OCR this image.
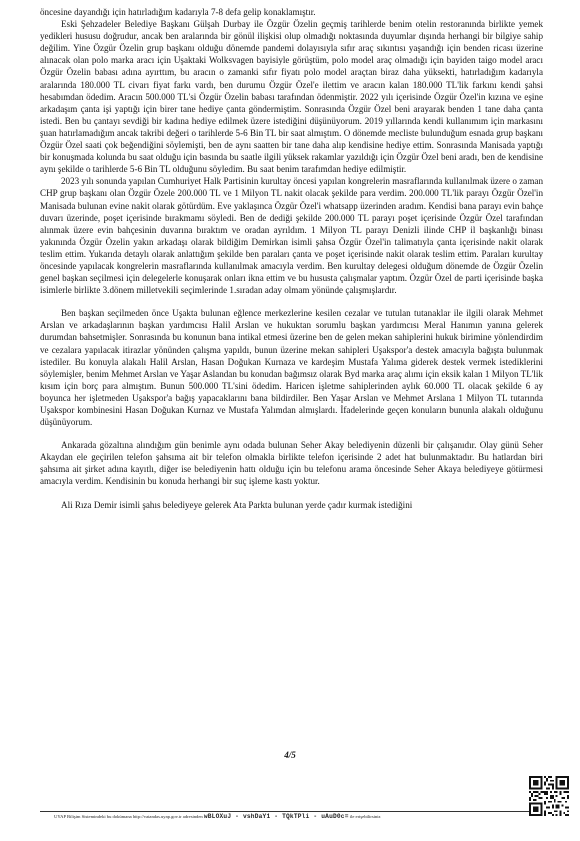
öncesine dayandığı için hatırladığım kadarıyla 7-8 defa gelip konaklamıştır.

Eski Şehzadeler Belediye Başkanı Gülşah Durbay ile Özgür Özelin geçmiş tarihlerde benim otelin restoranında birlikte yemek yedikleri hususu doğrudur, ancak ben aralarında bir gönül ilişkisi olup olmadığı noktasında duyumlar dışında herhangi bir bilgiye sahip değilim. Yine Özgür Özelin grup başkanı olduğu dönemde pandemi dolayısıyla sıfır araç sıkıntısı yaşandığı için benden ricası üzerine alınacak olan polo marka aracı için Uşaktaki Wolksvagen bayisiyle görüştüm, polo model araç olmadığı için bayiden taigo model aracı Özgür Özelin babası adına ayırttım, bu aracın o zamanki sıfır fiyatı polo model araçtan biraz daha yüksekti, hatırladığım kadarıyla aralarında 180.000 TL civarı fiyat farkı vardı, ben durumu Özgür Özel'e ilettim ve aracın kalan 180.000 TL'lik farkını kendi şahsi hesabımdan ödedim. Aracın 500.000 TL'si Özgür Özelin babası tarafından ödenmiştir. 2022 yılı içerisinde Özgür Özel'in kızına ve eşine arkadaşım çanta işi yaptığı için birer tane hediye çanta göndermiştim. Sonrasında Özgür Özel beni arayarak benden 1 tane daha çanta istedi. Ben bu çantayı sevdiği bir kadına hediye edilmek üzere istediğini düşünüyorum. 2019 yıllarında kendi kullanımım için markasını şuan hatırlamadığım ancak takribi değeri o tarihlerde 5-6 Bin TL bir saat almıştım. O dönemde mecliste bulunduğum esnada grup başkanı Özgür Özel saati çok beğendiğini söylemişti, ben de aynı saatten bir tane daha alıp kendisine hediye ettim. Sonrasında Manisada yaptığı bir konuşmada kolunda bu saat olduğu için basında bu saatle ilgili yüksek rakamlar yazıldığı için Özgür Özel beni aradı, ben de kendisine aynı şekilde o tarihlerde 5-6 Bin TL olduğunu söyledim. Bu saat benim tarafımdan hediye edilmiştir.

2023 yılı sonunda yapılan Cumhuriyet Halk Partisinin kurultay öncesi yapılan kongrelerin masraflarında kullanılmak üzere o zaman CHP grup başkanı olan Özgür Özele 200.000 TL ve 1 Milyon TL nakit olacak şekilde para verdim. 200.000 TL'lik parayı Özgür Özel'in Manisada bulunan evine nakit olarak götürdüm. Eve yaklaşınca Özgür Özel'i whatsapp üzerinden aradım. Kendisi bana parayı evin bahçe duvarı üzerinde, poşet içerisinde bırakmamı söyledi. Ben de dediği şekilde 200.000 TL parayı poşet içerisinde Özgür Özel tarafından alınmak üzere evin bahçesinin duvarına bıraktım ve oradan ayrıldım. 1 Milyon TL parayı Denizli ilinde CHP il başkanlığı binası yakınında Özgür Özelin yakın arkadaşı olarak bildiğim Demirkan isimli şahsa Özgür Özel'in talimatıyla çanta içerisinde nakit olarak teslim ettim. Yukarıda detaylı olarak anlattığım şekilde ben paraları çanta ve poşet içerisinde nakit olarak teslim ettim. Paraları kurultay öncesinde yapılacak kongrelerin masraflarında kullanılmak amacıyla verdim. Ben kurultay delegesi olduğum dönemde de Özgür Özelin genel başkan seçilmesi için delegelerle konuşarak onları ikna ettim ve bu hususta çalışmalar yaptım. Özgür Özel de parti içerisinde başka isimlerle birlikte 3.dönem milletvekili seçimlerinde 1.sıradan aday olmam yönünde çalışmışlardır.

Ben başkan seçilmeden önce Uşakta bulunan eğlence merkezlerine kesilen cezalar ve tutulan tutanaklar ile ilgili olarak Mehmet Arslan ve arkadaşlarının başkan yardımcısı Halil Arslan ve hukuktan sorumlu başkan yardımcısı Meral Hanımın yanına gelerek durumdan bahsetmişler. Sonrasında bu konunun bana intikal etmesi üzerine ben de gelen mekan sahiplerini hukuk birimine yönlendirdim ve cezalara yapılacak itirazlar yönünden çalışma yapıldı, bunun üzerine mekan sahipleri Uşakspor'a destek amacıyla bağışta bulunmak istediler. Bu konuyla alakalı Halil Arslan, Hasan Doğukan Kurnaza ve kardeşim Mustafa Yalıma giderek destek vermek istediklerini söylemişler, benim Mehmet Arslan ve Yaşar Aslandan bu konudan bağımsız olarak Byd marka araç alımı için eksik kalan 1 Milyon TL'lik kısım için borç para almıştım. Bunun 500.000 TL'sini ödedim. Haricen işletme sahiplerinden aylık 60.000 TL olacak şekilde 6 ay boyunca her işletmeden Uşakspor'a bağış yapacaklarını bana bildirdiler. Ben Yaşar Arslan ve Mehmet Arslana 1 Milyon TL tutarında Uşakspor kombinesini Hasan Doğukan Kurnaz ve Mustafa Yalımdan almışlardı. İfadelerinde geçen konuların bununla alakalı olduğunu düşünüyorum.

Ankarada gözaltına alındığım gün benimle aynı odada bulunan Seher Akay belediyenin düzenli bir çalışanıdır. Olay günü Seher Akaydan ele geçirilen telefon şahsıma ait bir telefon olmakla birlikte telefon içerisinde 2 adet hat bulunmaktadır. Bu hatlardan biri şahsıma ait şirket adına kayıtlı, diğer ise belediyenin hattı olduğu için bu telefonu arama öncesinde Seher Akaya belediyeye götürmesi amacıyla verdim. Kendisinin bu konuda herhangi bir suç işleme kastı yoktur.

Ali Rıza Demir isimli şahıs belediyeye gelerek Ata Parkta bulunan yerde çadır kurmak istediğini

4/5
UYAP Bilişim Sistemindeki bu dokümana http://vatandas.uyap.gov.tr adresinden wBLOXuJ - vshDaY1 - TQkTPli - uAuD0c= ile erişebilirsiniz
